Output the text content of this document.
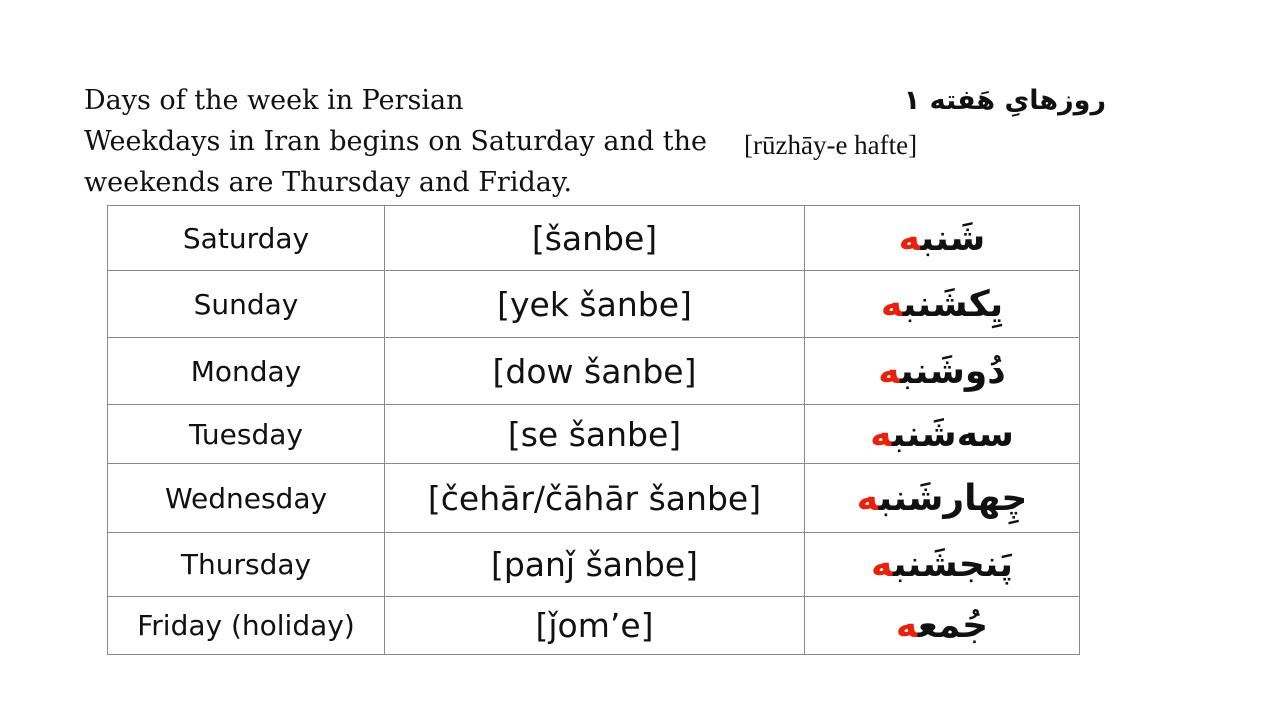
Days of the week in Persian
Weekdays in Iran begins on Saturday and the
weekends are Thursday and Friday.
روزهایِ هَفته ۱
[rūzhāy-e hafte]
Saturday	[šanbe]	شَنبه
Sunday	[yek šanbe]	یِکشَنبه
Monday	[dow šanbe]	دُوشَنبه
Tuesday	[se šanbe]	سه‌شَنبه
Wednesday	[čehār/čāhār šanbe]	چِهارشَنبه
Thursday	[panǰ šanbe]	پَنجشَنبه
Friday (holiday)	[ǰom’e]	جُمعه
